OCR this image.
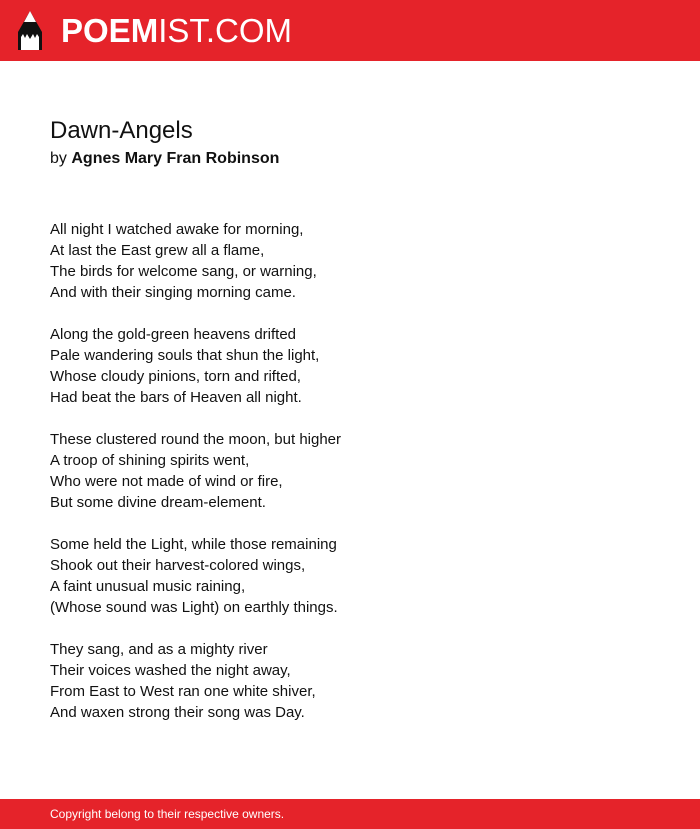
POEMIST.COM

Dawn-Angels

by Agnes Mary Fran Robinson

All night I watched awake for morning,
At last the East grew all a flame,
The birds for welcome sang, or warning,
And with their singing morning came.
Along the gold-green heavens drifted
Pale wandering souls that shun the light,
Whose cloudy pinions, torn and rifted,
Had beat the bars of Heaven all night.
These clustered round the moon, but higher
A troop of shining spirits went,
Who were not made of wind or fire,
But some divine dream-element.
Some held the Light, while those remaining
Shook out their harvest-colored wings,
A faint unusual music raining,
(Whose sound was Light) on earthly things.
They sang, and as a mighty river
Their voices washed the night away,
From East to West ran one white shiver,
And waxen strong their song was Day.

Copyright belong to their respective owners.
